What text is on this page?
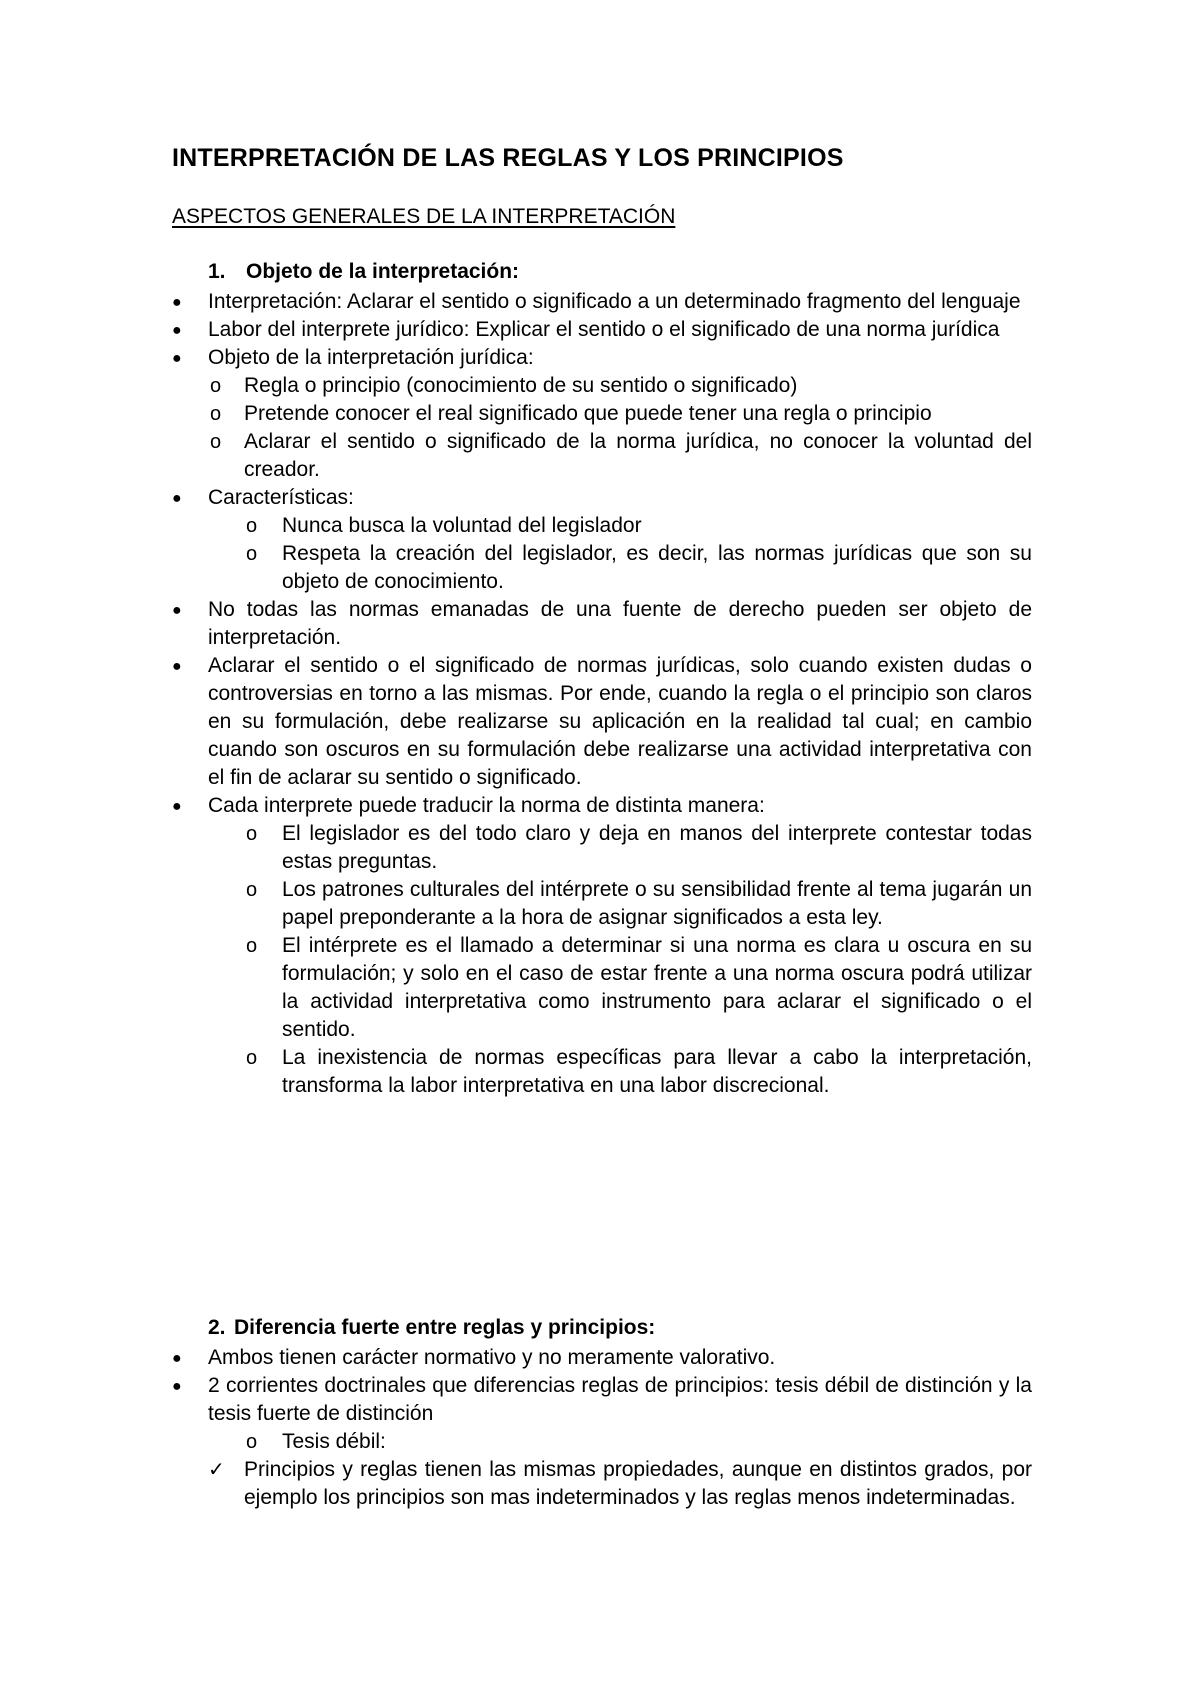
INTERPRETACIÓN DE LAS REGLAS Y LOS PRINCIPIOS
ASPECTOS GENERALES DE LA INTERPRETACIÓN
1. Objeto de la interpretación:
● Interpretación: Aclarar el sentido o significado a un determinado fragmento del lenguaje
● Labor del interprete jurídico: Explicar el sentido o el significado de una norma jurídica
● Objeto de la interpretación jurídica:
o Regla o principio (conocimiento de su sentido o significado)
o Pretende conocer el real significado que puede tener una regla o principio
o Aclarar el sentido o significado de la norma jurídica, no conocer la voluntad del creador.
● Características:
o Nunca busca la voluntad del legislador
o Respeta la creación del legislador, es decir, las normas jurídicas que son su objeto de conocimiento.
● No todas las normas emanadas de una fuente de derecho pueden ser objeto de interpretación.
● Aclarar el sentido o el significado de normas jurídicas, solo cuando existen dudas o controversias en torno a las mismas. Por ende, cuando la regla o el principio son claros en su formulación, debe realizarse su aplicación en la realidad tal cual; en cambio cuando son oscuros en su formulación debe realizarse una actividad interpretativa con el fin de aclarar su sentido o significado.
● Cada interprete puede traducir la norma de distinta manera:
o El legislador es del todo claro y deja en manos del interprete contestar todas estas preguntas.
o Los patrones culturales del intérprete o su sensibilidad frente al tema jugarán un papel preponderante a la hora de asignar significados a esta ley.
o El intérprete es el llamado a determinar si una norma es clara u oscura en su formulación; y solo en el caso de estar frente a una norma oscura podrá utilizar la actividad interpretativa como instrumento para aclarar el significado o el sentido.
o La inexistencia de normas específicas para llevar a cabo la interpretación, transforma la labor interpretativa en una labor discrecional.
2. Diferencia fuerte entre reglas y principios:
● Ambos tienen carácter normativo y no meramente valorativo.
● 2 corrientes doctrinales que diferencias reglas de principios: tesis débil de distinción y la tesis fuerte de distinción
o Tesis débil:
✓ Principios y reglas tienen las mismas propiedades, aunque en distintos grados, por ejemplo los principios son mas indeterminados y las reglas menos indeterminadas.
